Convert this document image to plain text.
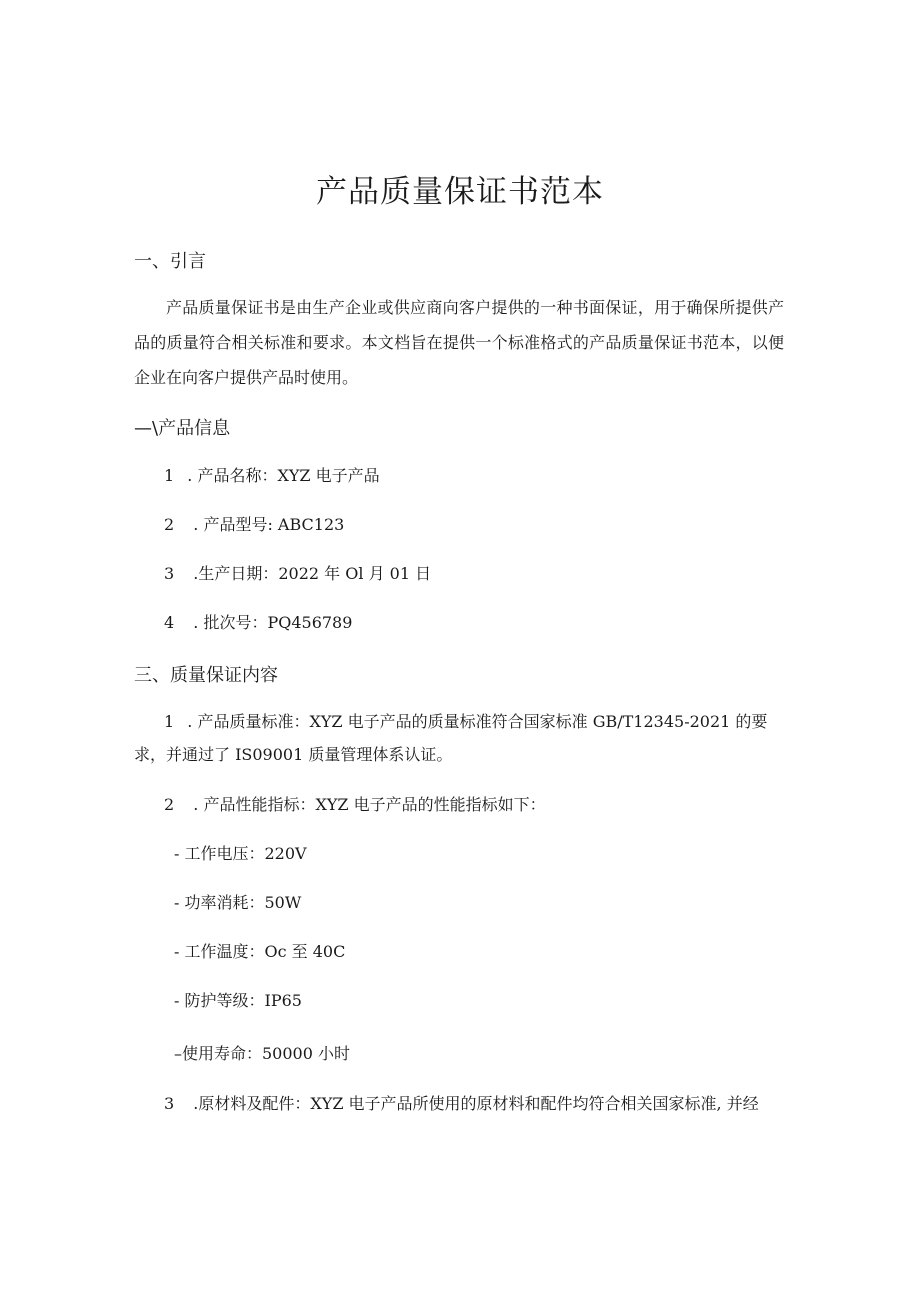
产品质量保证书范本
一、引言

产品质量保证书是由生产企业或供应商向客户提供的一种书面保证，用于确保所提供产品的质量符合相关标准和要求。本文档旨在提供一个标准格式的产品质量保证书范本，以便企业在向客户提供产品时使用。

—\产品信息
1 . 产品名称：XYZ 电子产品
2 . 产品型号: ABC123
3 .生产日期：2022 年 Ol 月 01 日
4 . 批次号：PQ456789
三、质量保证内容
1 . 产品质量标准：XYZ 电子产品的质量标准符合国家标准 GB/T12345-2021 的要
求，并通过了 IS09001 质量管理体系认证。
2 . 产品性能指标：XYZ 电子产品的性能指标如下：
- 工作电压：220V
- 功率消耗：50W
- 工作温度：Oc 至 40C
- 防护等级：IP65
–使用寿命：50000 小时
3 .原材料及配件：XYZ 电子产品所使用的原材料和配件均符合相关国家标准, 并经
